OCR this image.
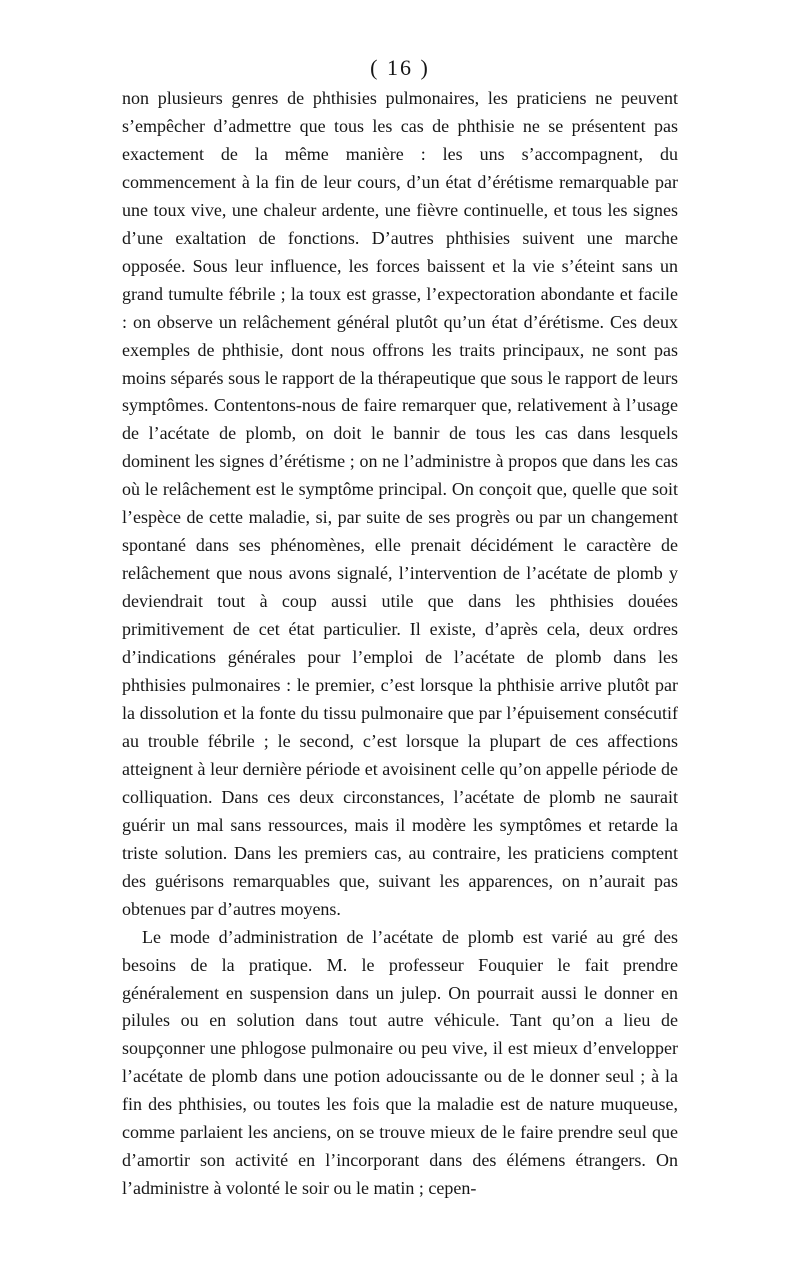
( 16 )

non plusieurs genres de phthisies pulmonaires, les praticiens ne peuvent s’empêcher d’admettre que tous les cas de phthisie ne se présentent pas exactement de la même manière : les uns s’accompagnent, du commencement à la fin de leur cours, d’un état d’érétisme remarquable par une toux vive, une chaleur ardente, une fièvre continuelle, et tous les signes d’une exaltation de fonctions. D’autres phthisies suivent une marche opposée. Sous leur influence, les forces baissent et la vie s’éteint sans un grand tumulte fébrile ; la toux est grasse, l’expectoration abondante et facile : on observe un relâchement général plutôt qu’un état d’érétisme. Ces deux exemples de phthisie, dont nous offrons les traits principaux, ne sont pas moins séparés sous le rapport de la thérapeutique que sous le rapport de leurs symptômes. Contentons-nous de faire remarquer que, relativement à l’usage de l’acétate de plomb, on doit le bannir de tous les cas dans lesquels dominent les signes d’érétisme ; on ne l’administre à propos que dans les cas où le relâchement est le symptôme principal. On conçoit que, quelle que soit l’espèce de cette maladie, si, par suite de ses progrès ou par un changement spontané dans ses phénomènes, elle prenait décidément le caractère de relâchement que nous avons signalé, l’intervention de l’acétate de plomb y deviendrait tout à coup aussi utile que dans les phthisies douées primitivement de cet état particulier. Il existe, d’après cela, deux ordres d’indications générales pour l’emploi de l’acétate de plomb dans les phthisies pulmonaires : le premier, c’est lorsque la phthisie arrive plutôt par la dissolution et la fonte du tissu pulmonaire que par l’épuisement consécutif au trouble fébrile ; le second, c’est lorsque la plupart de ces affections atteignent à leur dernière période et avoisinent celle qu’on appelle période de colliquation. Dans ces deux circonstances, l’acétate de plomb ne saurait guérir un mal sans ressources, mais il modère les symptômes et retarde la triste solution. Dans les premiers cas, au contraire, les praticiens comptent des guérisons remarquables que, suivant les apparences, on n’aurait pas obtenues par d’autres moyens.

Le mode d’administration de l’acétate de plomb est varié au gré des besoins de la pratique. M. le professeur Fouquier le fait prendre généralement en suspension dans un julep. On pourrait aussi le donner en pilules ou en solution dans tout autre véhicule. Tant qu’on a lieu de soupçonner une phlogose pulmonaire ou peu vive, il est mieux d’envelopper l’acétate de plomb dans une potion adoucissante ou de le donner seul ; à la fin des phthisies, ou toutes les fois que la maladie est de nature muqueuse, comme parlaient les anciens, on se trouve mieux de le faire prendre seul que d’amortir son activité en l’incorporant dans des élémens étrangers. On l’administre à volonté le soir ou le matin ; cepen-
